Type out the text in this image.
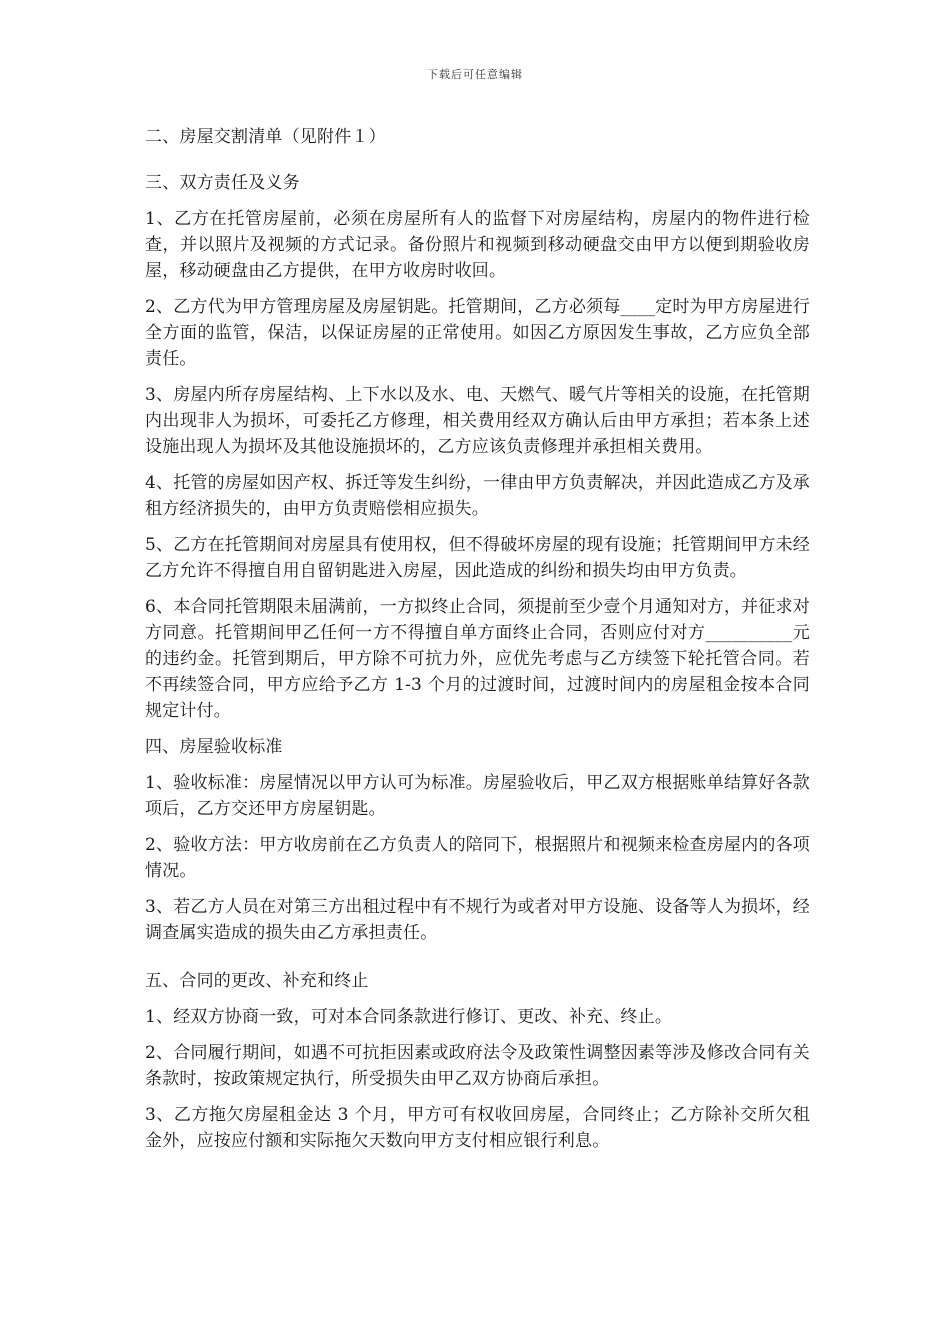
下载后可任意编辑

二、房屋交割清单（见附件１）

三、双方责任及义务

1、乙方在托管房屋前，必须在房屋所有人的监督下对房屋结构，房屋内的物件进行检查，并以照片及视频的方式记录。备份照片和视频到移动硬盘交由甲方以便到期验收房屋，移动硬盘由乙方提供，在甲方收房时收回。

2、乙方代为甲方管理房屋及房屋钥匙。托管期间，乙方必须每____定时为甲方房屋进行全方面的监管，保洁，以保证房屋的正常使用。如因乙方原因发生事故，乙方应负全部责任。

3、房屋内所存房屋结构、上下水以及水、电、天燃气、暖气片等相关的设施，在托管期内出现非人为损坏，可委托乙方修理，相关费用经双方确认后由甲方承担；若本条上述设施出现人为损坏及其他设施损坏的，乙方应该负责修理并承担相关费用。

4、托管的房屋如因产权、拆迁等发生纠纷，一律由甲方负责解决，并因此造成乙方及承租方经济损失的，由甲方负责赔偿相应损失。

5、乙方在托管期间对房屋具有使用权，但不得破坏房屋的现有设施；托管期间甲方未经乙方允许不得擅自用自留钥匙进入房屋，因此造成的纠纷和损失均由甲方负责。

6、本合同托管期限未届满前，一方拟终止合同，须提前至少壹个月通知对方，并征求对方同意。托管期间甲乙任何一方不得擅自单方面终止合同，否则应付对方__________元的违约金。托管到期后，甲方除不可抗力外，应优先考虑与乙方续签下轮托管合同。若不再续签合同，甲方应给予乙方 1-3 个月的过渡时间，过渡时间内的房屋租金按本合同规定计付。

四、房屋验收标准

1、验收标准：房屋情况以甲方认可为标准。房屋验收后，甲乙双方根据账单结算好各款项后，乙方交还甲方房屋钥匙。

2、验收方法：甲方收房前在乙方负责人的陪同下，根据照片和视频来检查房屋内的各项情况。

3、若乙方人员在对第三方出租过程中有不规行为或者对甲方设施、设备等人为损坏，经调查属实造成的损失由乙方承担责任。

五、合同的更改、补充和终止

1、经双方协商一致，可对本合同条款进行修订、更改、补充、终止。

2、合同履行期间，如遇不可抗拒因素或政府法令及政策性调整因素等涉及修改合同有关条款时，按政策规定执行，所受损失由甲乙双方协商后承担。

3、乙方拖欠房屋租金达 3 个月，甲方可有权收回房屋，合同终止；乙方除补交所欠租金外，应按应付额和实际拖欠天数向甲方支付相应银行利息。
